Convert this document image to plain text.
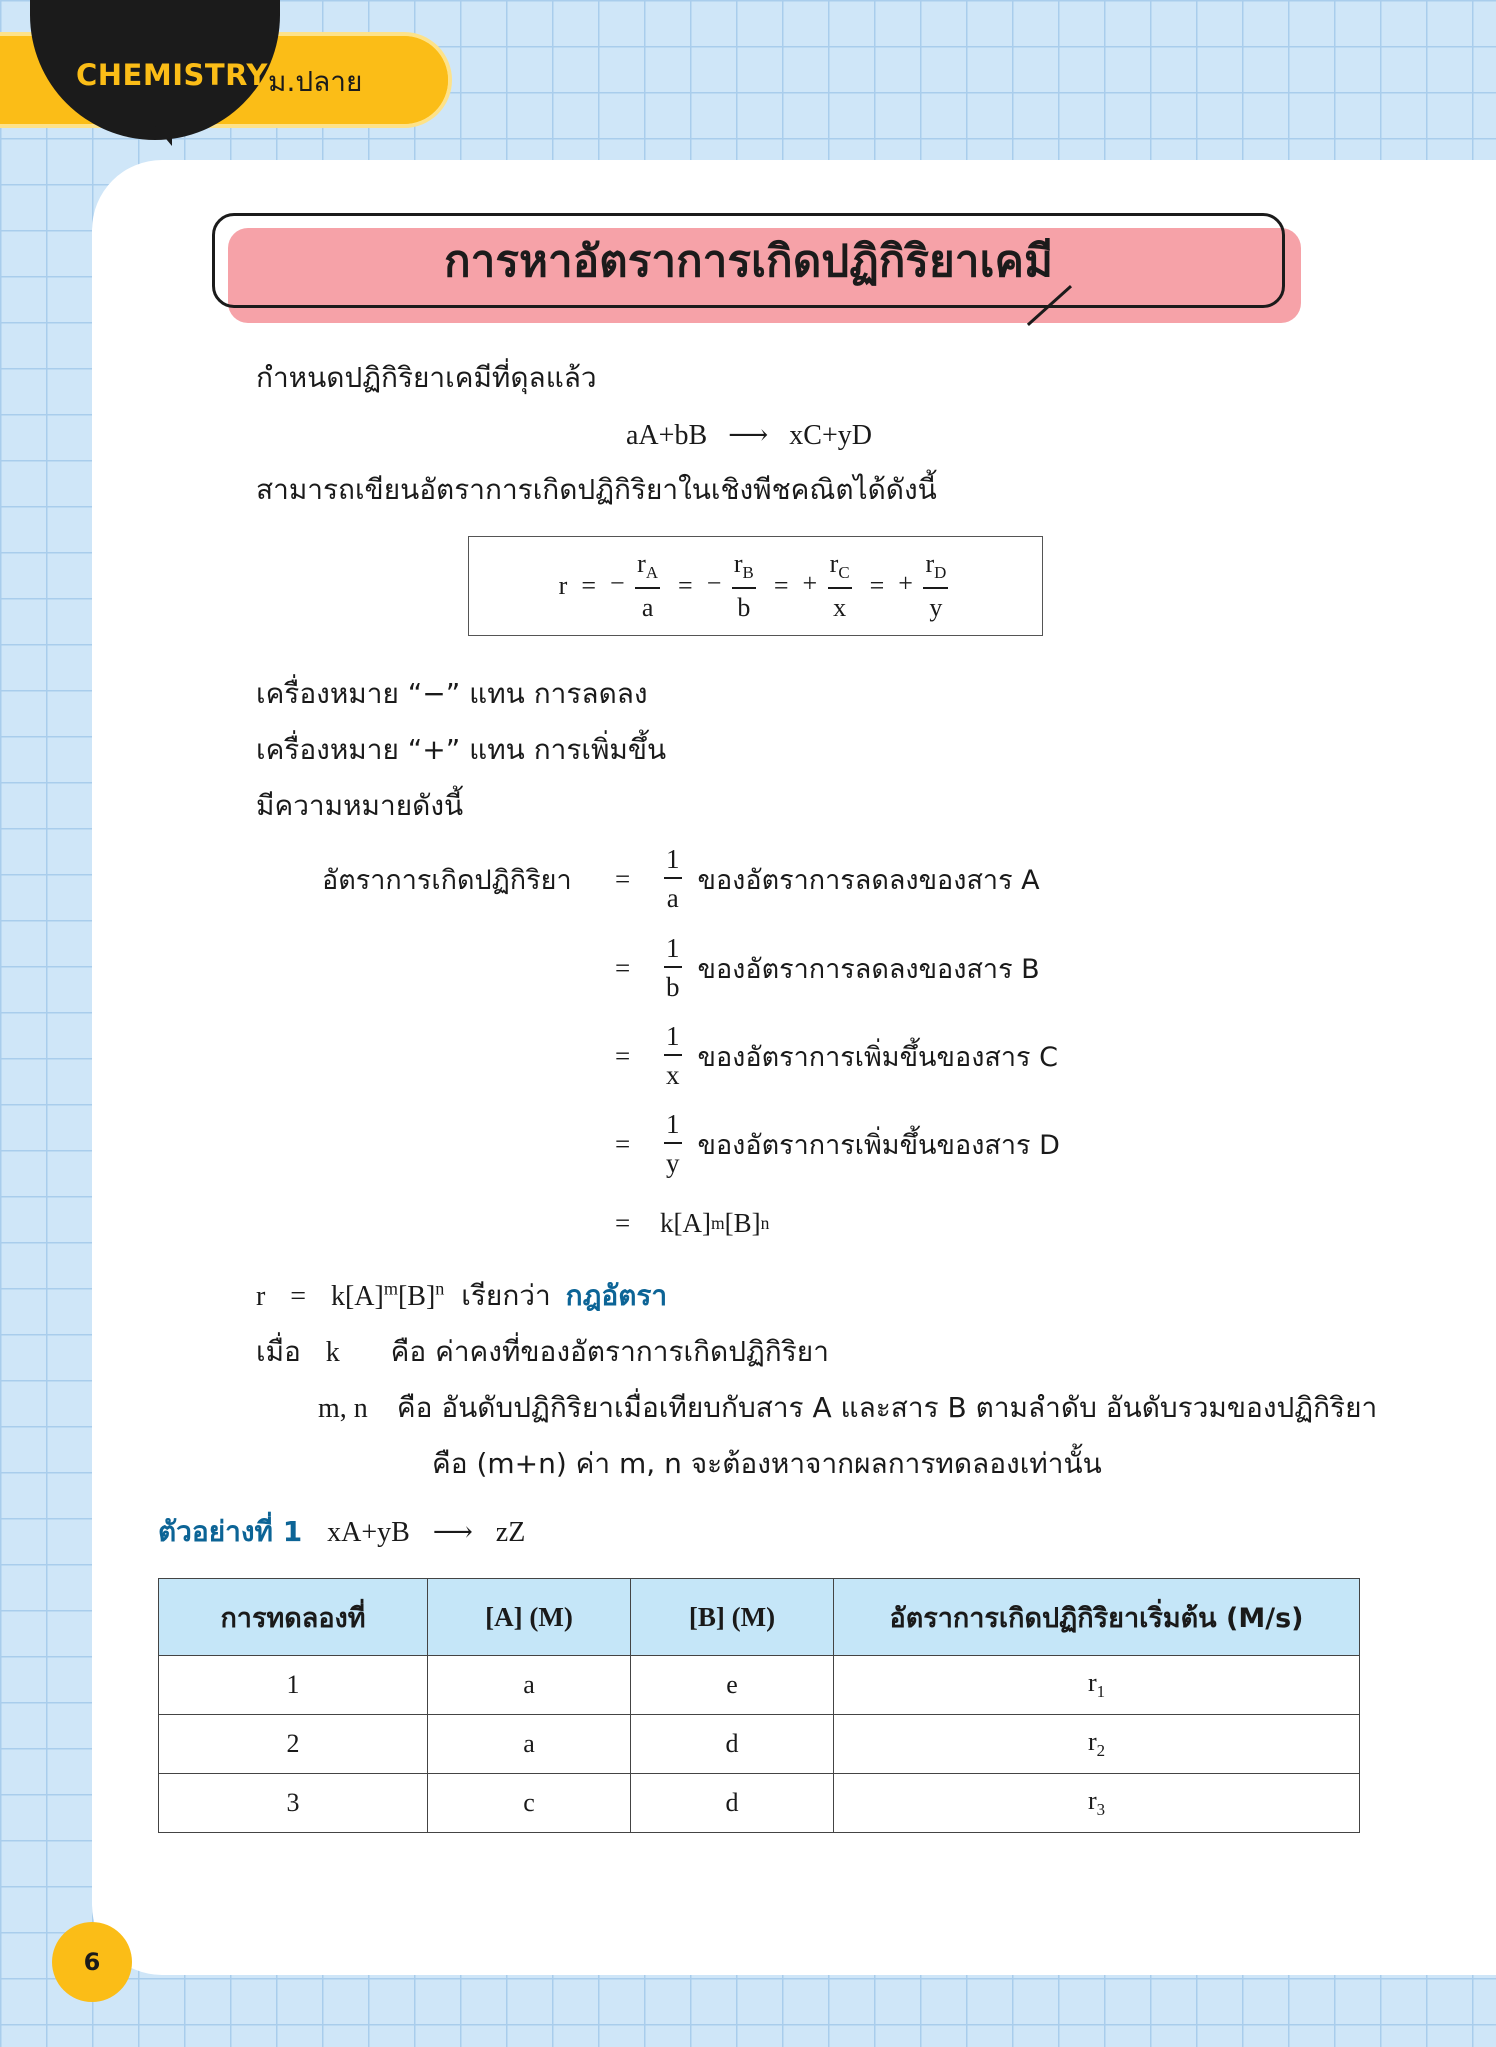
CHEMISTRY ม.ปลาย
การหาอัตราการเกิดปฏิกิริยาเคมี
กำหนดปฏิกิริยาเคมีที่ดุลแล้ว
aA+bB ⟶ xC+yD
สามารถเขียนอัตราการเกิดปฏิกิริยาในเชิงพีชคณิตได้ดังนี้
r = − $\frac{r_A}{a}$ = − $\frac{r_B}{b}$ = + $\frac{r_C}{x}$ = + $\frac{r_D}{y}$
เครื่องหมาย “−” แทน การลดลง
เครื่องหมาย “+” แทน การเพิ่มขึ้น
มีความหมายดังนี้
อัตราการเกิดปฏิกิริยา	=	$\frac{1}{a}$ ของอัตราการลดลงของสาร A
=	$\frac{1}{b}$ ของอัตราการลดลงของสาร B
=	$\frac{1}{x}$ ของอัตราการเพิ่มขึ้นของสาร C
=	$\frac{1}{y}$ ของอัตราการเพิ่มขึ้นของสาร D
=	k[A] m [B] n
$r = k[A]^m[B]^n$ เรียกว่า กฎอัตรา
เมื่อ k คือ ค่าคงที่ของอัตราการเกิดปฏิกิริยา
m, n คือ อันดับปฏิกิริยาเมื่อเทียบกับสาร A และสาร B ตามลำดับ อันดับรวมของปฏิกิริยา
คือ (m+n) ค่า m, n จะต้องหาจากผลการทดลองเท่านั้น
ตัวอย่างที่ 1 xA+yB ⟶ zZ
การทดลองที่	[A] (M)	[B] (M)	อัตราการเกิดปฏิกิริยาเริ่มต้น (M/s)
1	a	e	$r_1$
2	a	d	$r_2$
3	c	d	$r_3$
6
